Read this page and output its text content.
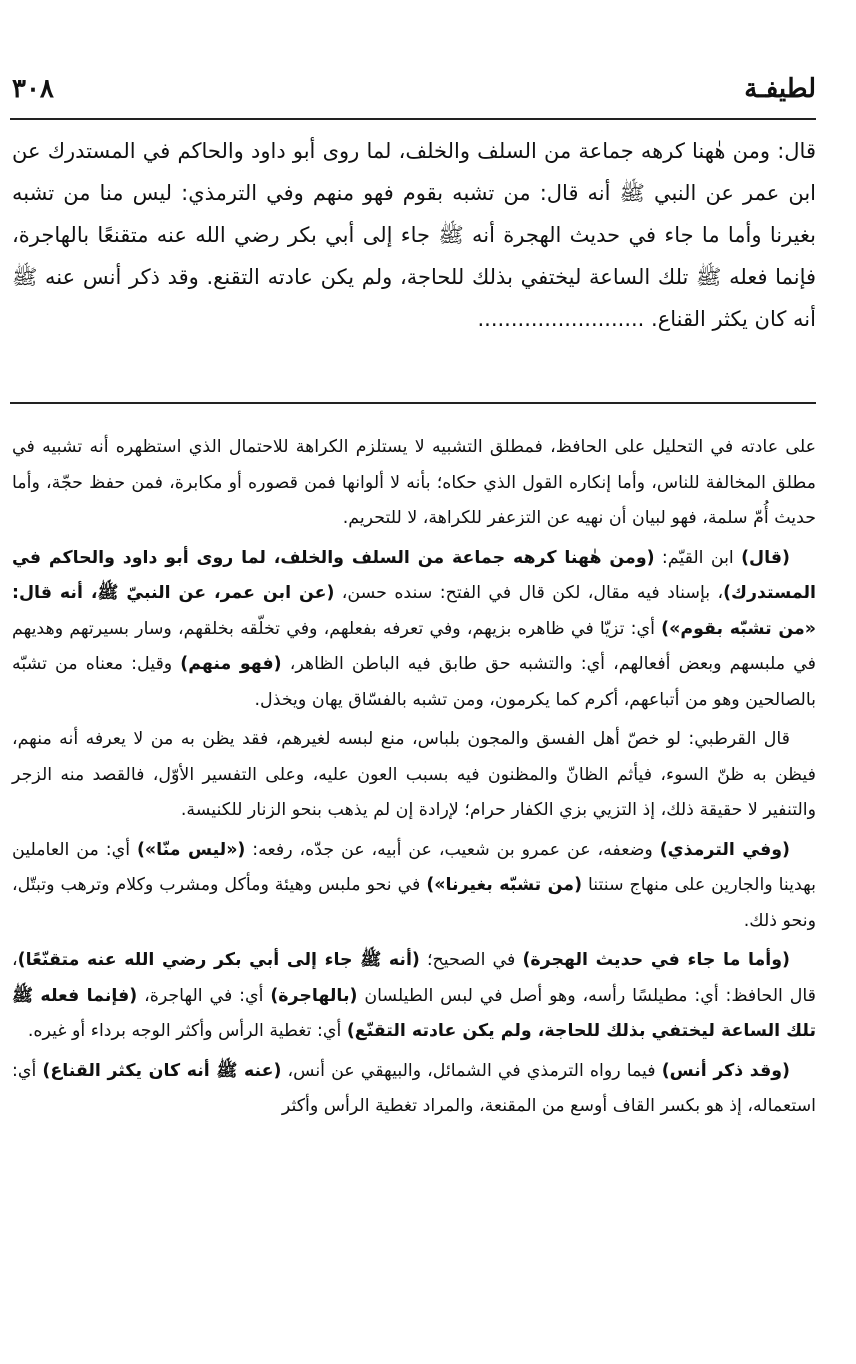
لطيفـة
٣٠٨

قال: ومن هٰهنا كرهه جماعة من السلف والخلف، لما روى أبو داود والحاكم في المستدرك عن ابن عمر عن النبي ﷺ أنه قال: من تشبه بقوم فهو منهم وفي الترمذي: ليس منا من تشبه بغيرنا وأما ما جاء في حديث الهجرة أنه ﷺ جاء إلى أبي بكر رضي الله عنه متقنعًا بالهاجرة، فإنما فعله ﷺ تلك الساعة ليختفي بذلك للحاجة، ولم يكن عادته التقنع. وقد ذكر أنس عنه ﷺ أنه كان يكثر القناع. .........................

على عادته في التحليل على الحافظ، فمطلق التشبيه لا يستلزم الكراهة للاحتمال الذي استظهره أنه تشبيه في مطلق المخالفة للناس، وأما إنكاره القول الذي حكاه؛ بأنه لا ألوانها فمن قصوره أو مكابرة، فمن حفظ حجّة، وأما حديث أُمّ سلمة، فهو لبيان أن نهيه عن التزعفر للكراهة، لا للتحريم.

(قال) ابن القيّم: (ومن هٰهنا كرهه جماعة من السلف والخلف، لما روى أبو داود والحاكم في المستدرك)، بإسناد فيه مقال، لكن قال في الفتح: سنده حسن، (عن ابن عمر، عن النبيّ ﷺ، أنه قال: «من تشبّه بقوم») أي: تزيّا في ظاهره بزيهم، وفي تعرفه بفعلهم، وفي تخلّقه بخلقهم، وسار بسيرتهم وهديهم في ملبسهم وبعض أفعالهم، أي: والتشبه حق طابق فيه الباطن الظاهر، (فهو منهم) وقيل: معناه من تشبّه بالصالحين وهو من أتباعهم، أكرم كما يكرمون، ومن تشبه بالفسّاق يهان ويخذل.

قال القرطبي: لو خصّ أهل الفسق والمجون بلباس، منع لبسه لغيرهم، فقد يظن به من لا يعرفه أنه منهم، فيظن به ظنّ السوء، فيأثم الظانّ والمظنون فيه بسبب العون عليه، وعلى التفسير الأوّل، فالقصد منه الزجر والتنفير لا حقيقة ذلك، إذ التزيي بزي الكفار حرام؛ لإرادة إن لم يذهب بنحو الزنار للكنيسة.

(وفي الترمذي) وضعفه، عن عمرو بن شعيب، عن أبيه، عن جدّه، رفعه: («ليس منّا») أي: من العاملين بهدينا والجارين على منهاج سنتنا (من تشبّه بغيرنا») في نحو ملبس وهيئة ومأكل ومشرب وكلام وترهب وتبتّل، ونحو ذلك.

(وأما ما جاء في حديث الهجرة) في الصحيح؛ (أنه ﷺ جاء إلى أبي بكر رضي الله عنه متقنّعًا)، قال الحافظ: أي: مطيلسًا رأسه، وهو أصل في لبس الطيلسان (بالهاجرة) أي: في الهاجرة، (فإنما فعله ﷺ تلك الساعة ليختفي بذلك للحاجة، ولم يكن عادته التقنّع) أي: تغطية الرأس وأكثر الوجه برداء أو غيره.

(وقد ذكر أنس) فيما رواه الترمذي في الشمائل، والبيهقي عن أنس، (عنه ﷺ أنه كان يكثر القناع) أي: استعماله، إذ هو بكسر القاف أوسع من المقنعة، والمراد تغطية الرأس وأكثر
